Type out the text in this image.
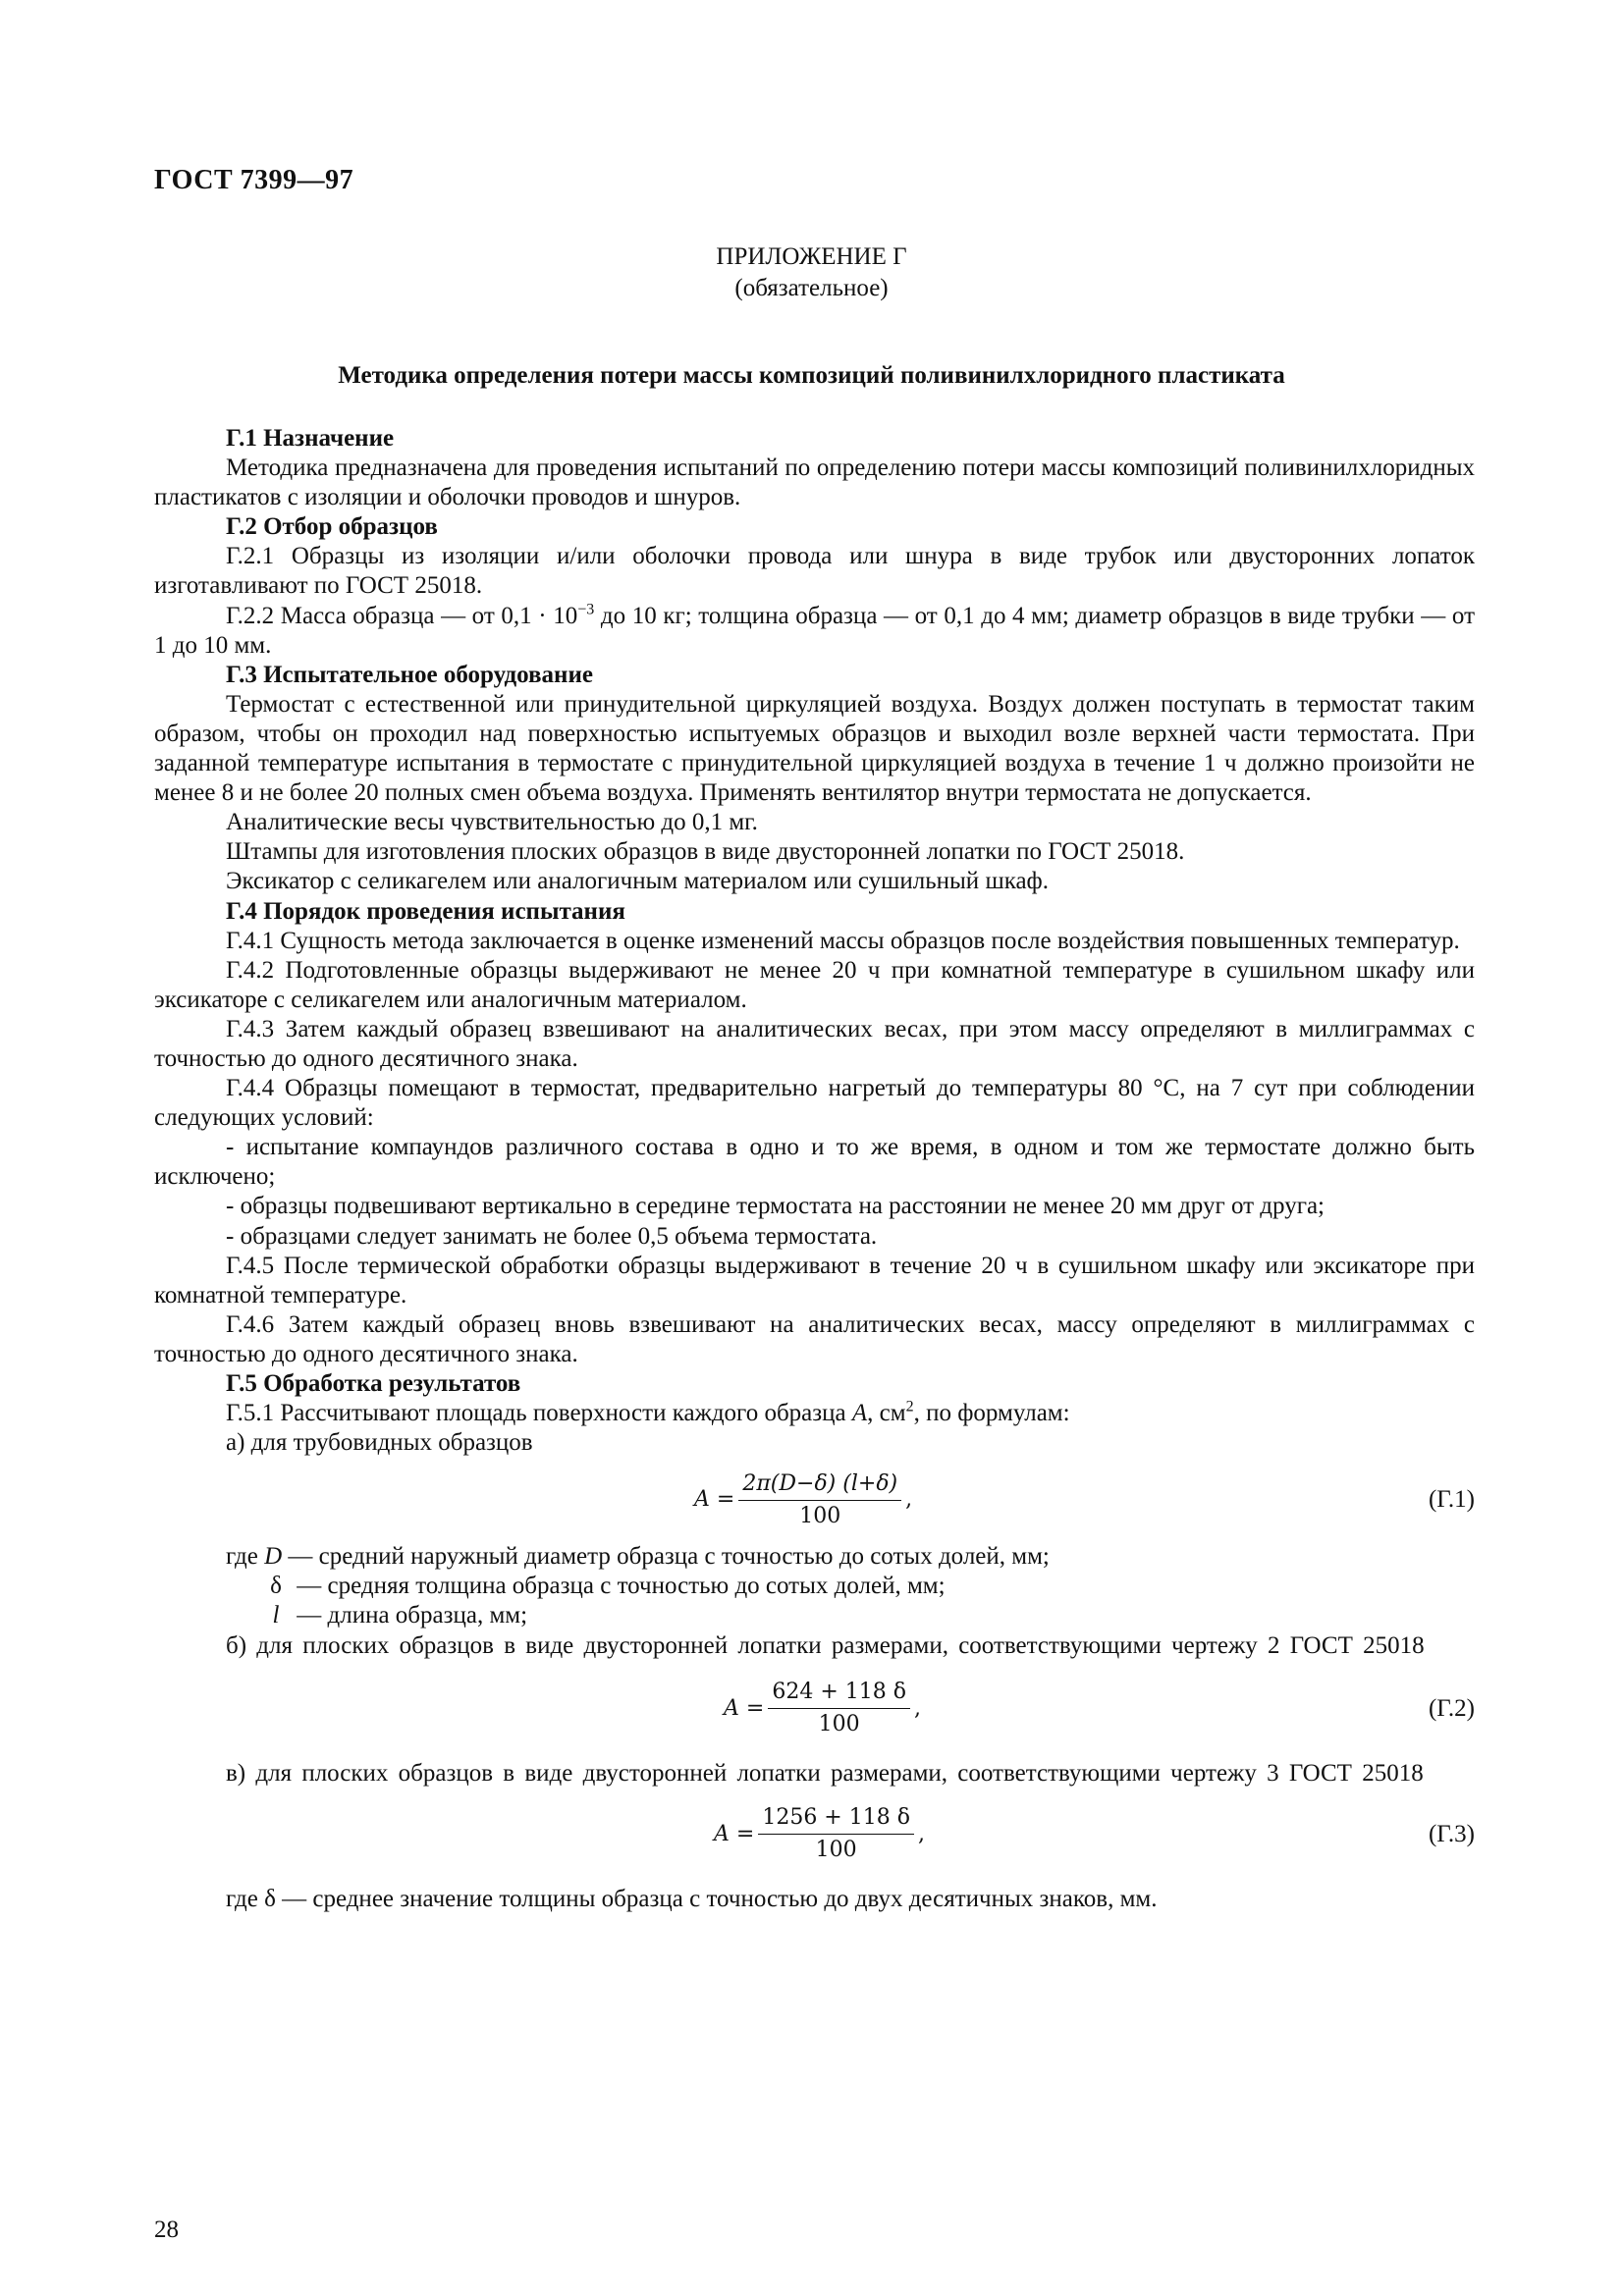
ГОСТ 7399—97
ПРИЛОЖЕНИЕ Г
(обязательное)
Методика определения потери массы композиций поливинилхлоридного пластиката

Г.1 Назначение

Методика предназначена для проведения испытаний по определению потери массы композиций поливинилхлоридных пластикатов с изоляции и оболочки проводов и шнуров.

Г.2 Отбор образцов

Г.2.1 Образцы из изоляции и/или оболочки провода или шнура в виде трубок или двусторонних лопаток изготавливают по ГОСТ 25018.

Г.2.2 Масса образца — от $0,1 \cdot 10^{-3}$ до 10 кг; толщина образца — от 0,1 до 4 мм; диаметр образцов в виде трубки — от 1 до 10 мм.

Г.3 Испытательное оборудование

Термостат с естественной или принудительной циркуляцией воздуха. Воздух должен поступать в термостат таким образом, чтобы он проходил над поверхностью испытуемых образцов и выходил возле верхней части термостата. При заданной температуре испытания в термостате с принудительной циркуляцией воздуха в течение 1 ч должно произойти не менее 8 и не более 20 полных смен объема воздуха. Применять вентилятор внутри термостата не допускается.

Аналитические весы чувствительностью до 0,1 мг.

Штампы для изготовления плоских образцов в виде двусторонней лопатки по ГОСТ 25018.

Эксикатор с селикагелем или аналогичным материалом или сушильный шкаф.

Г.4 Порядок проведения испытания

Г.4.1 Сущность метода заключается в оценке изменений массы образцов после воздействия повышенных температур.

Г.4.2 Подготовленные образцы выдерживают не менее 20 ч при комнатной температуре в сушильном шкафу или эксикаторе с селикагелем или аналогичным материалом.

Г.4.3 Затем каждый образец взвешивают на аналитических весах, при этом массу определяют в миллиграммах с точностью до одного десятичного знака.

Г.4.4 Образцы помещают в термостат, предварительно нагретый до температуры 80 °С, на 7 сут при соблюдении следующих условий:

- испытание компаундов различного состава в одно и то же время, в одном и том же термостате должно быть исключено;

- образцы подвешивают вертикально в середине термостата на расстоянии не менее 20 мм друг от друга;

- образцами следует занимать не более 0,5 объема термостата.

Г.4.5 После термической обработки образцы выдерживают в течение 20 ч в сушильном шкафу или эксикаторе при комнатной температуре.

Г.4.6 Затем каждый образец вновь взвешивают на аналитических весах, массу определяют в миллиграммах с точностью до одного десятичного знака.

Г.5 Обработка результатов

Г.5.1 Рассчитывают площадь поверхности каждого образца A, $см^2$, по формулам:

а) для трубовидных образцов

$A = \frac{2\pi(D-\delta) (l+\delta)}{100}$ ,	(Г.1)

где D — средний наружный диаметр образца с точностью до сотых долей, мм;

δ — средняя толщина образца с точностью до сотых долей, мм;

l — длина образца, мм;

б) для плоских образцов в виде двусторонней лопатки размерами, соответствующими чертежу 2 ГОСТ 25018

$A = \frac{624 + 118 \delta}{100}$ ,	(Г.2)

в) для плоских образцов в виде двусторонней лопатки размерами, соответствующими чертежу 3 ГОСТ 25018

$A = \frac{1256 + 118 \delta}{100}$ ,	(Г.3)

где δ — среднее значение толщины образца с точностью до двух десятичных знаков, мм.

28
